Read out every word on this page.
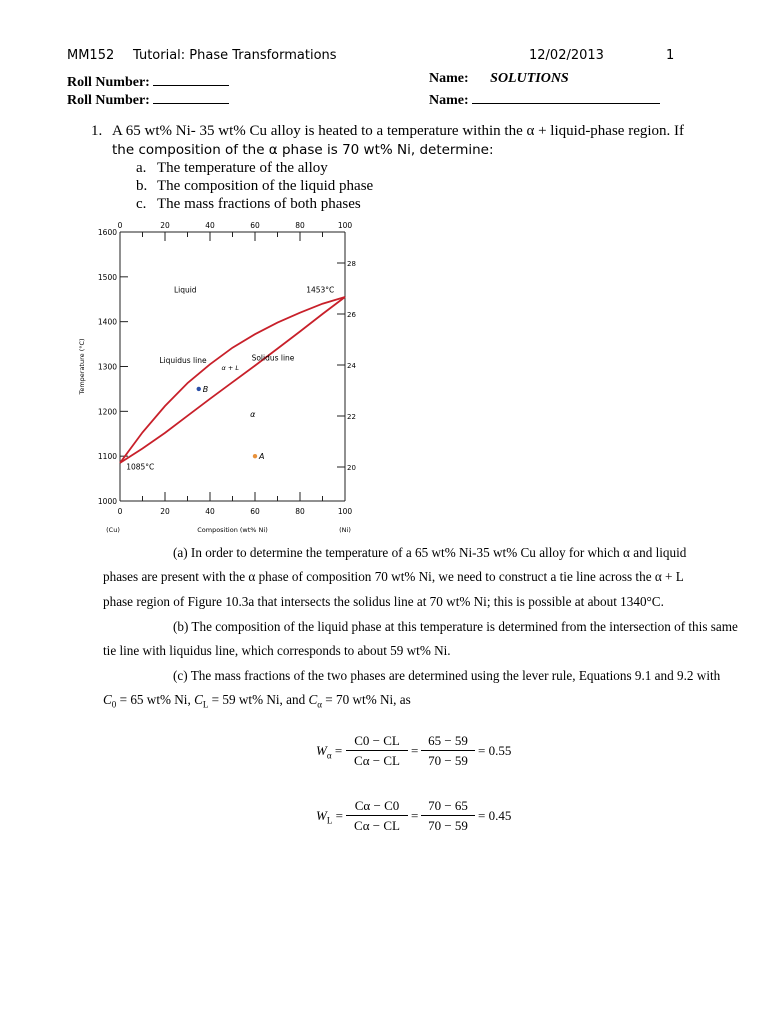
MM152 Tutorial: Phase Transformations	12/02/2013	1
Roll Number:
Roll Number:
Name: SOLUTIONS
Name:
1. A 65 wt% Ni- 35 wt% Cu alloy is heated to a temperature within the α + liquid-phase region. If
the composition of the α phase is 70 wt% Ni, determine:
a. The temperature of the alloy
b. The composition of the liquid phase
c. The mass fractions of both phases
0
0
20
20
40
40
60
60
80
80
100
100
1000
1100
1200
1300
1400
1500
1600
28
26
24
22
20
B
A
Liquid	1453°C
Liquidus line	Solidus line
α + L
α
1085°C
Composition (wt% Ni)
(Cu)	(Ni)
Temperature (°C)
(a) In order to determine the temperature of a 65 wt% Ni-35 wt% Cu alloy for which α and liquid
phases are present with the α phase of composition 70 wt% Ni, we need to construct a tie line across the α + L
phase region of Figure 10.3a that intersects the solidus line at 70 wt% Ni; this is possible at about 1340°C.
(b) The composition of the liquid phase at this temperature is determined from the intersection of this same
tie line with liquidus line, which corresponds to about 59 wt% Ni.
(c) The mass fractions of the two phases are determined using the lever rule, Equations 9.1 and 9.2 with
$C_0 = 65$ wt% Ni, $C_L = 59$ wt% Ni, and $C_\alpha = 70$ wt% Ni, as
$W_\alpha$ =
C0 − CL
Cα − CL
=
65 − 59
70 − 59
= 0.55
$W_L$ =
Cα − C0
Cα − CL
=
70 − 65
70 − 59
= 0.45
